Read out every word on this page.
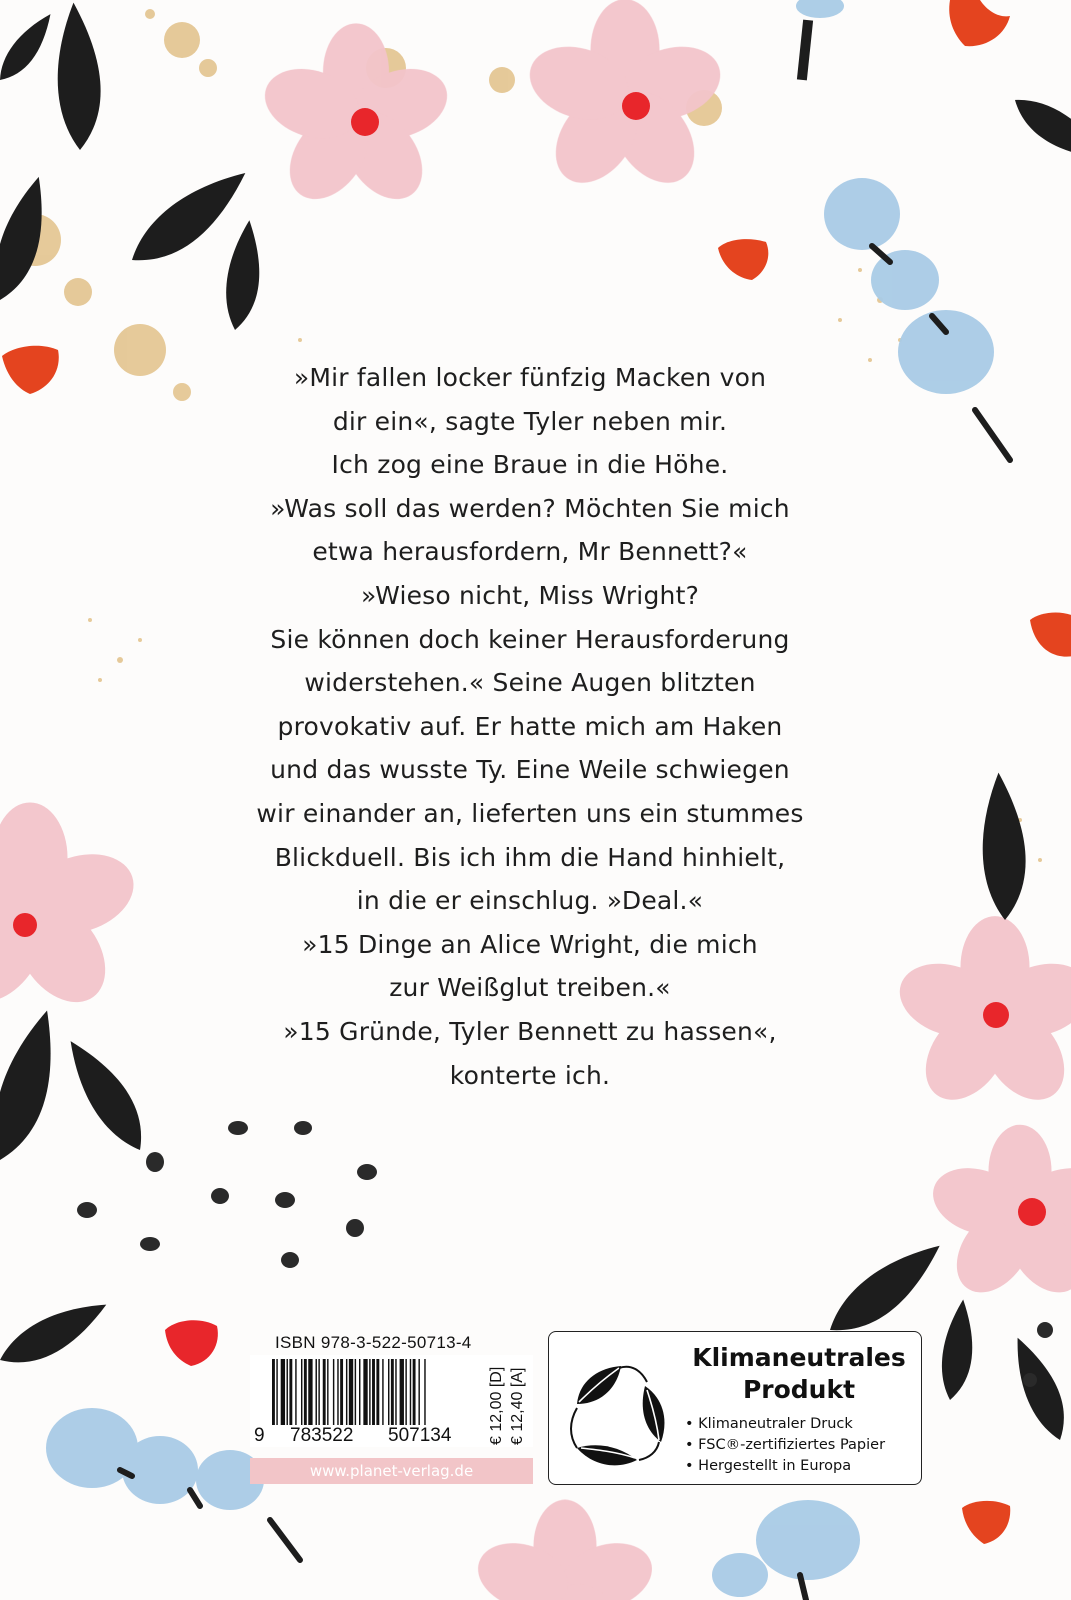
»Mir fallen locker fünfzig Macken von
dir ein«, sagte Tyler neben mir.
Ich zog eine Braue in die Höhe.
»Was soll das werden? Möchten Sie mich
etwa herausfordern, Mr Bennett?«
»Wieso nicht, Miss Wright?
Sie können doch keiner Herausforderung
widerstehen.« Seine Augen blitzten
provokativ auf. Er hatte mich am Haken
und das wusste Ty. Eine Weile schwiegen
wir einander an, lieferten uns ein stummes
Blickduell. Bis ich ihm die Hand hinhielt,
in die er einschlug. »Deal.«
»15 Dinge an Alice Wright, die mich
zur Weißglut treiben.«
»15 Gründe, Tyler Bennett zu hassen«,
konterte ich.
ISBN 978-3-522-50713-4
9 783522 507134 € 12,00 [D] € 12,40 [A]
www.planet-verlag.de
Klimaneutrales
Produkt
• Klimaneutraler Druck
• FSC®-zertifiziertes Papier
• Hergestellt in Europa
